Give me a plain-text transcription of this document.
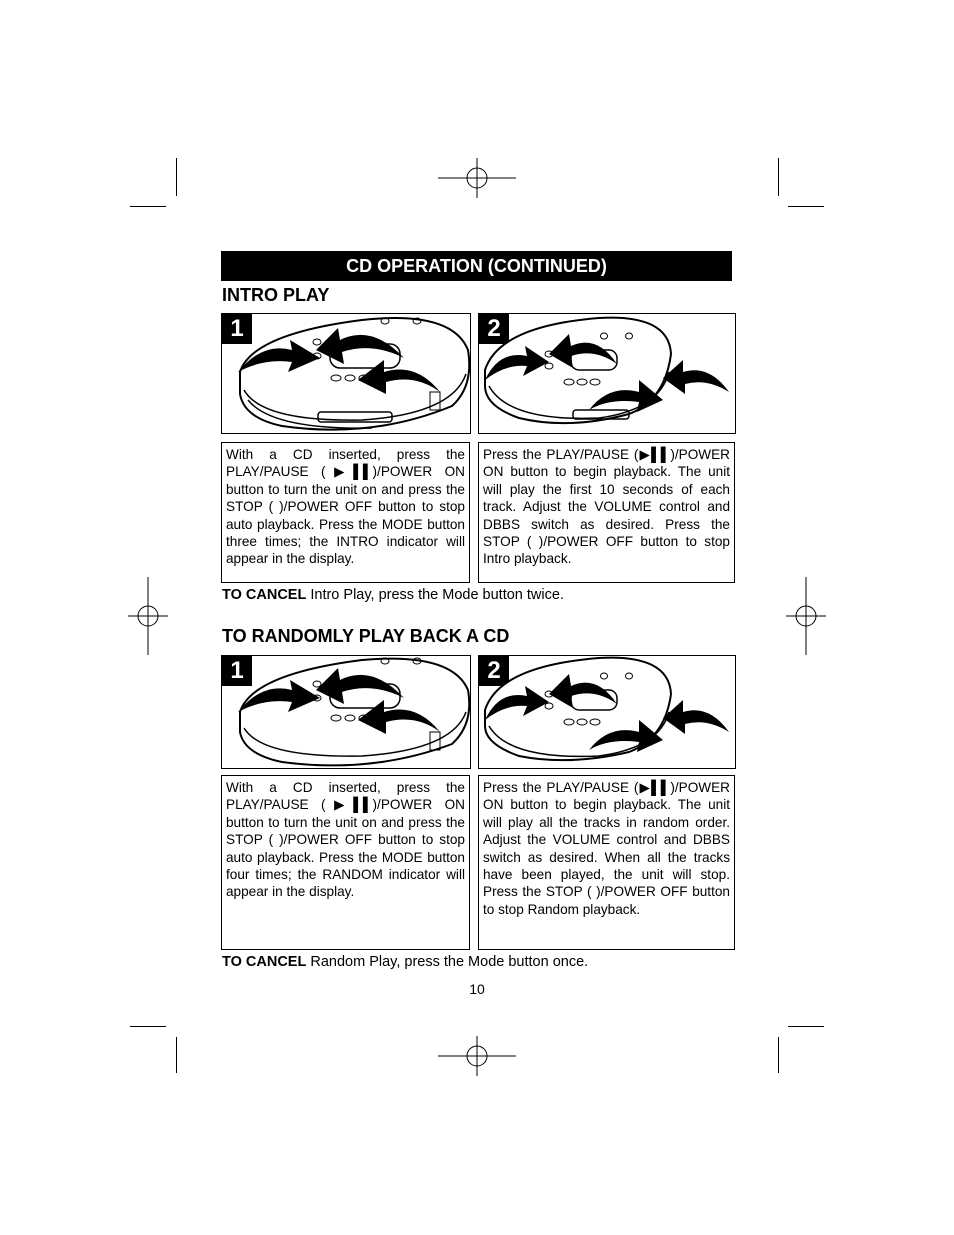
CD OPERATION (CONTINUED)
INTRO PLAY
1	2

With a CD inserted, press the PLAY/PAUSE (▶▌▌)/POWER ON button to turn the unit on and press the STOP ( )/POWER OFF button to stop auto playback. Press the MODE button three times; the INTRO indicator will appear in the display.

Press the PLAY/PAUSE (▶▌▌)/POWER ON button to begin playback. The unit will play the first 10 seconds of each track. Adjust the VOLUME control and DBBS switch as desired. Press the STOP ( )/POWER OFF button to stop Intro playback.

TO CANCEL Intro Play, press the Mode button twice.
TO RANDOMLY PLAY BACK A CD
1	2

With a CD inserted, press the PLAY/PAUSE (▶▌▌)/POWER ON button to turn the unit on and press the STOP ( )/POWER OFF button to stop auto playback. Press the MODE button four times; the RANDOM indicator will appear in the display.

Press the PLAY/PAUSE (▶▌▌)/POWER ON button to begin playback. The unit will play all the tracks in random order. Adjust the VOLUME control and DBBS switch as desired. When all the tracks have been played, the unit will stop. Press the STOP ( )/POWER OFF button to stop Random playback.

TO CANCEL Random Play, press the Mode button once.
10
